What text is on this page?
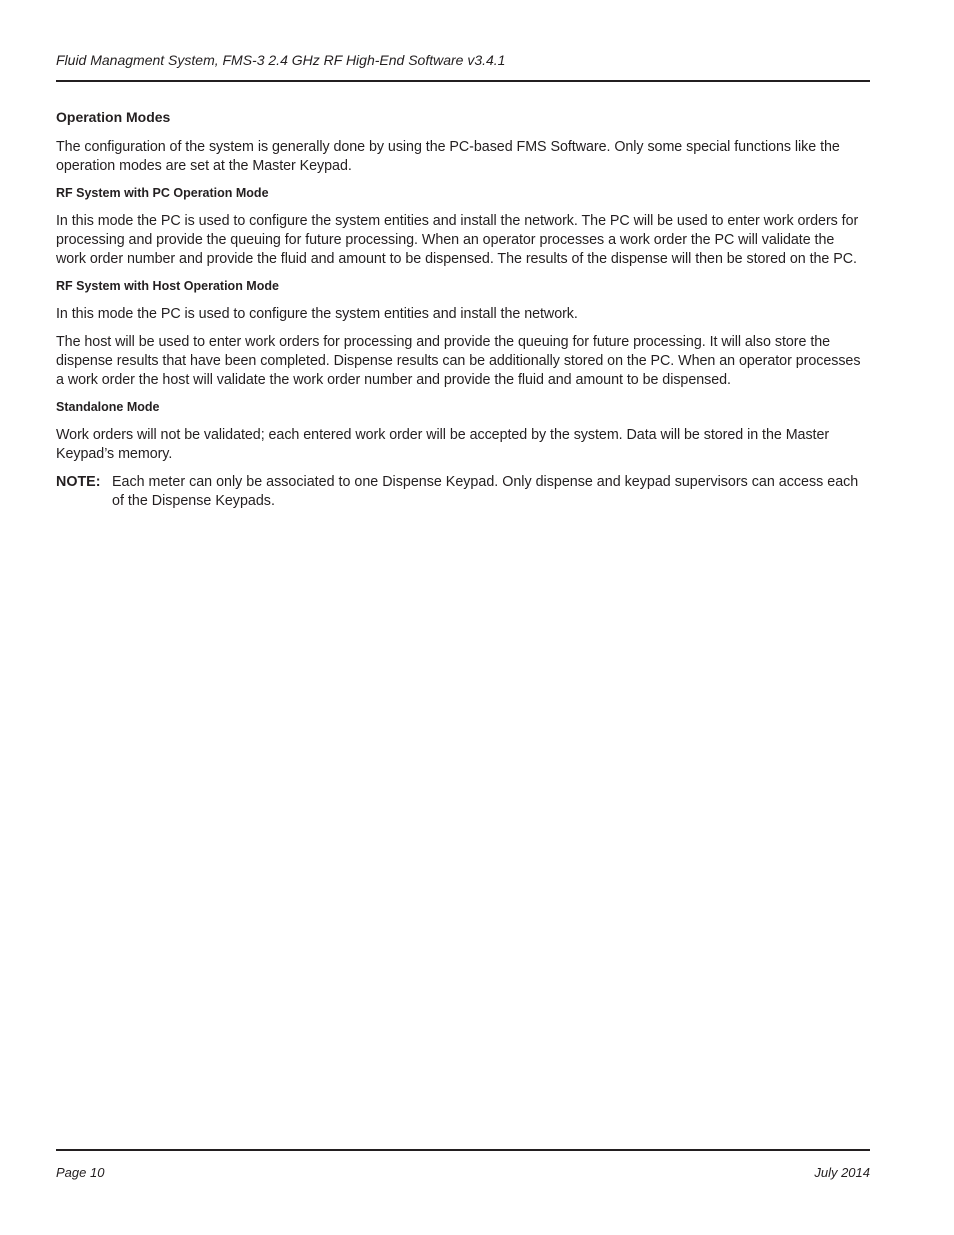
Fluid Managment System, FMS-3 2.4 GHz RF High-End Software v3.4.1
Operation Modes

The configuration of the system is generally done by using the PC-based FMS Software. Only some special functions like the operation modes are set at the Master Keypad.

RF System with PC Operation Mode

In this mode the PC is used to configure the system entities and install the network. The PC will be used to enter work orders for processing and provide the queuing for future processing. When an operator processes a work order the PC will validate the work order number and provide the fluid and amount to be dispensed. The results of the dispense will then be stored on the PC.

RF System with Host Operation Mode

In this mode the PC is used to configure the system entities and install the network.

The host will be used to enter work orders for processing and provide the queuing for future processing. It will also store the dispense results that have been completed. Dispense results can be additionally stored on the PC. When an operator processes a work order the host will validate the work order number and provide the fluid and amount to be dispensed.

Standalone Mode

Work orders will not be validated; each entered work order will be accepted by the system. Data will be stored in the Master Keypad’s memory.

NOTE: Each meter can only be associated to one Dispense Keypad. Only dispense and keypad supervisors can access each of the Dispense Keypads.
Page 10	July 2014
